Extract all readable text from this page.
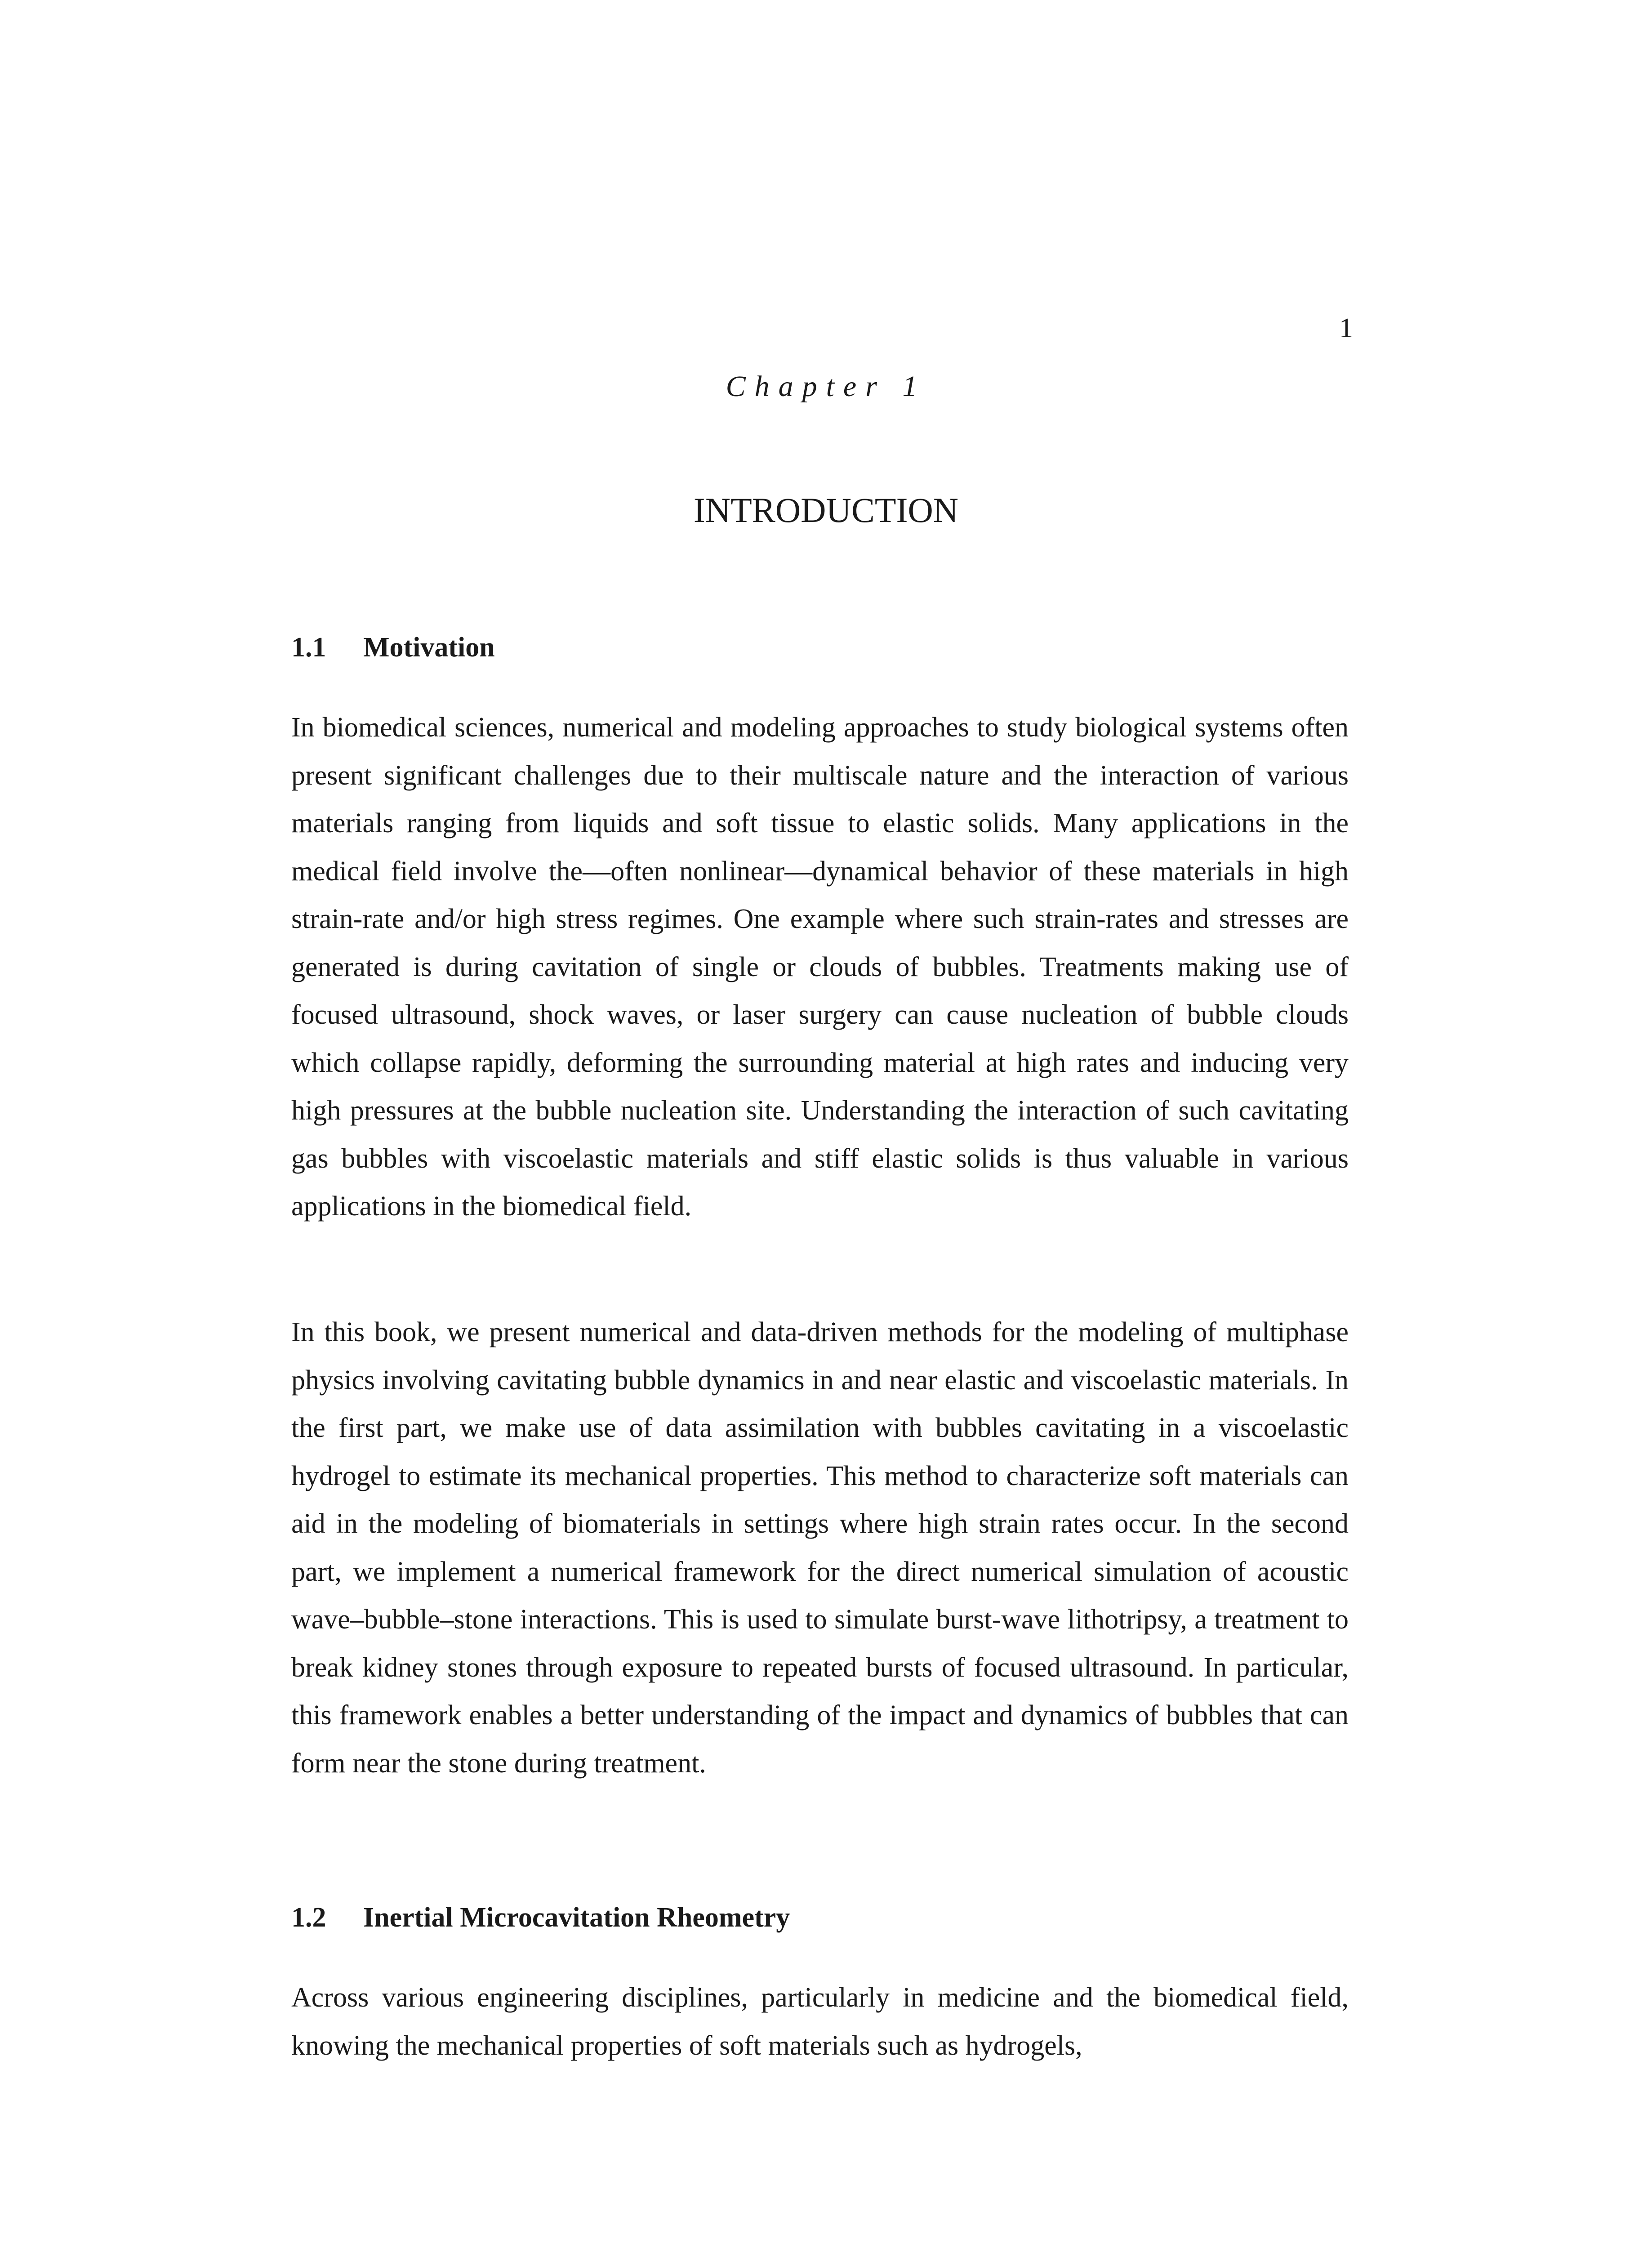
1
Chapter 1
INTRODUCTION
1.1 Motivation

In biomedical sciences, numerical and modeling approaches to study biological systems often present significant challenges due to their multiscale nature and the interaction of various materials ranging from liquids and soft tissue to elastic solids. Many applications in the medical field involve the—often nonlinear—dynamical behavior of these materials in high strain-rate and/or high stress regimes. One example where such strain-rates and stresses are generated is during cavitation of single or clouds of bubbles. Treatments making use of focused ultrasound, shock waves, or laser surgery can cause nucleation of bubble clouds which collapse rapidly, deforming the surrounding material at high rates and inducing very high pressures at the bubble nucleation site. Understanding the interaction of such cavitating gas bubbles with viscoelastic materials and stiff elastic solids is thus valuable in various applications in the biomedical field.

In this book, we present numerical and data-driven methods for the modeling of multiphase physics involving cavitating bubble dynamics in and near elastic and viscoelastic materials. In the first part, we make use of data assimilation with bubbles cavitating in a viscoelastic hydrogel to estimate its mechanical properties. This method to characterize soft materials can aid in the modeling of biomaterials in settings where high strain rates occur. In the second part, we implement a numerical framework for the direct numerical simulation of acoustic wave–bubble–stone interactions. This is used to simulate burst-wave lithotripsy, a treatment to break kidney stones through exposure to repeated bursts of focused ultrasound. In particular, this framework enables a better understanding of the impact and dynamics of bubbles that can form near the stone during treatment.

1.2 Inertial Microcavitation Rheometry

Across various engineering disciplines, particularly in medicine and the biomedical field, knowing the mechanical properties of soft materials such as hydrogels,
